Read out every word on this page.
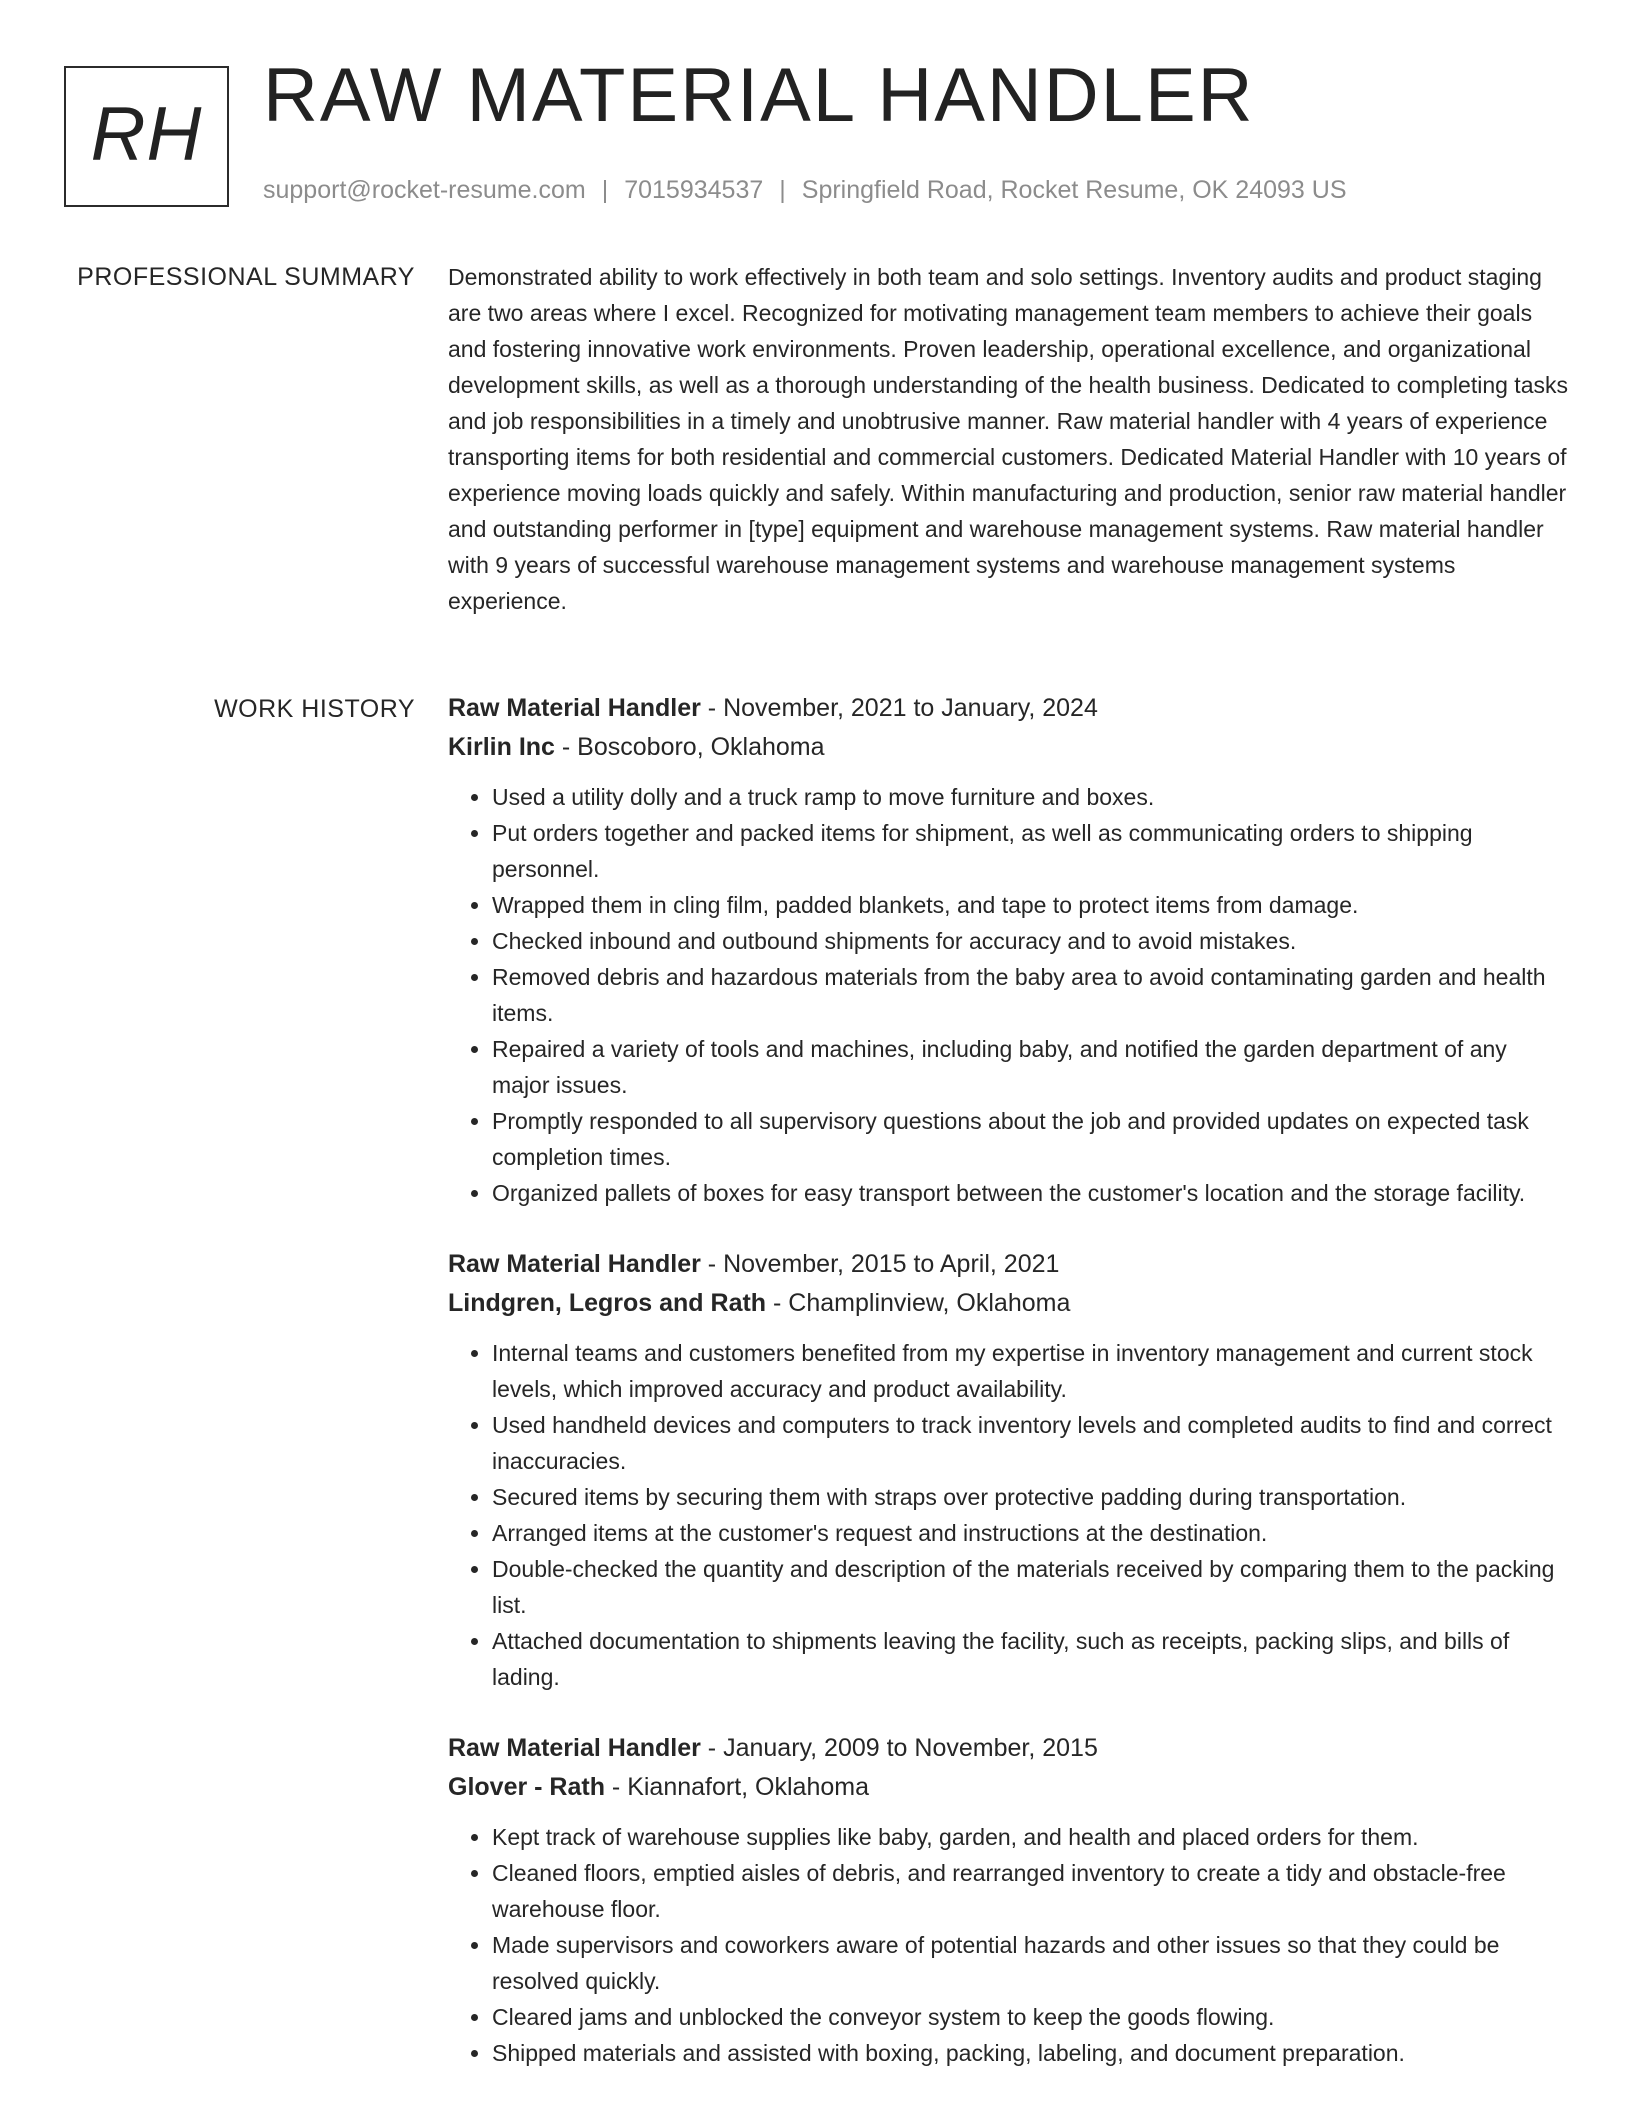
RH RAW MATERIAL HANDLER
support@rocket-resume.com | 7015934537 | Springfield Road, Rocket Resume, OK 24093 US
PROFESSIONAL SUMMARY Demonstrated ability to work effectively in both team and solo settings. Inventory audits and product staging are two areas where I excel. Recognized for motivating management team members to achieve their goals and fostering innovative work environments. Proven leadership, operational excellence, and organizational development skills, as well as a thorough understanding of the health business. Dedicated to completing tasks and job responsibilities in a timely and unobtrusive manner. Raw material handler with 4 years of experience transporting items for both residential and commercial customers. Dedicated Material Handler with 10 years of experience moving loads quickly and safely. Within manufacturing and production, senior raw material handler and outstanding performer in [type] equipment and warehouse management systems. Raw material handler with 9 years of successful warehouse management systems and warehouse management systems experience.

WORK HISTORY Raw Material Handler - November, 2021 to January, 2024
Kirlin Inc - Boscoboro, Oklahoma
• Used a utility dolly and a truck ramp to move furniture and boxes.
• Put orders together and packed items for shipment, as well as communicating orders to shipping personnel.
• Wrapped them in cling film, padded blankets, and tape to protect items from damage.
• Checked inbound and outbound shipments for accuracy and to avoid mistakes.
• Removed debris and hazardous materials from the baby area to avoid contaminating garden and health items.
• Repaired a variety of tools and machines, including baby, and notified the garden department of any major issues.
• Promptly responded to all supervisory questions about the job and provided updates on expected task completion times.
• Organized pallets of boxes for easy transport between the customer's location and the storage facility.
Raw Material Handler - November, 2015 to April, 2021
Lindgren, Legros and Rath - Champlinview, Oklahoma
• Internal teams and customers benefited from my expertise in inventory management and current stock levels, which improved accuracy and product availability.
• Used handheld devices and computers to track inventory levels and completed audits to find and correct inaccuracies.
• Secured items by securing them with straps over protective padding during transportation.
• Arranged items at the customer's request and instructions at the destination.
• Double-checked the quantity and description of the materials received by comparing them to the packing list.
• Attached documentation to shipments leaving the facility, such as receipts, packing slips, and bills of lading.
Raw Material Handler - January, 2009 to November, 2015
Glover - Rath - Kiannafort, Oklahoma
• Kept track of warehouse supplies like baby, garden, and health and placed orders for them.
• Cleaned floors, emptied aisles of debris, and rearranged inventory to create a tidy and obstacle-free warehouse floor.
• Made supervisors and coworkers aware of potential hazards and other issues so that they could be resolved quickly.
• Cleared jams and unblocked the conveyor system to keep the goods flowing.
• Shipped materials and assisted with boxing, packing, labeling, and document preparation.
